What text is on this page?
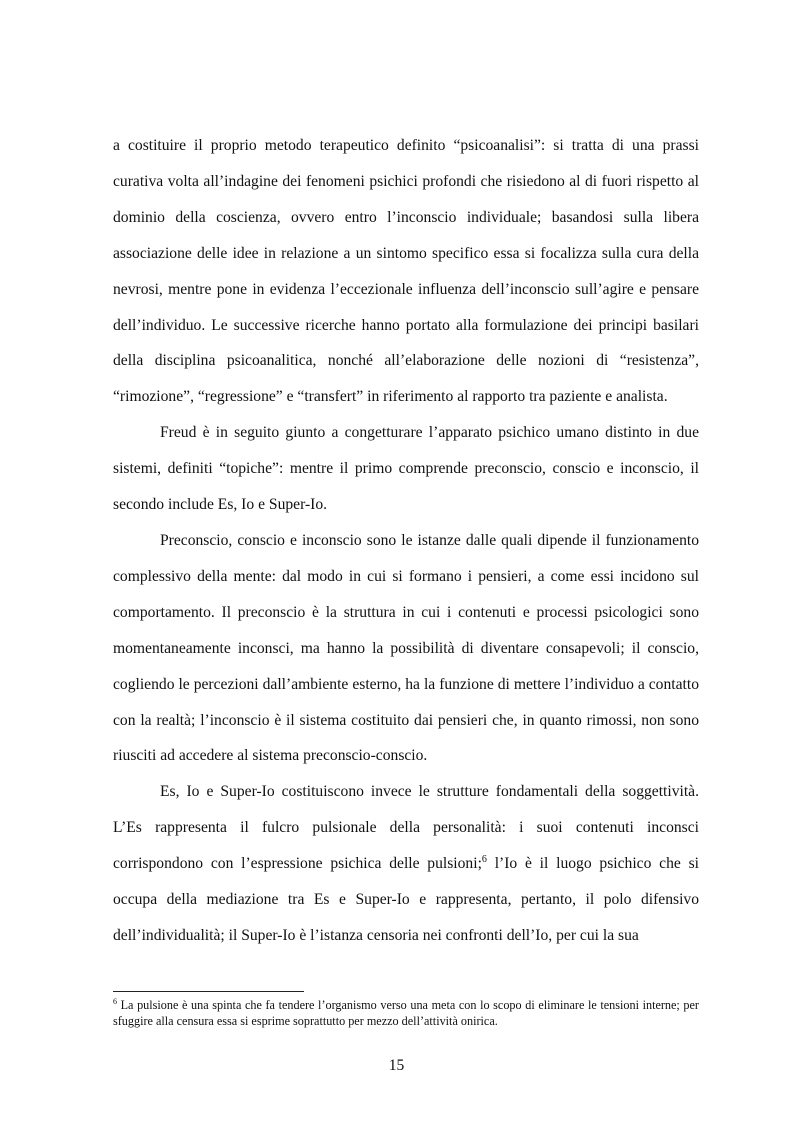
a costituire il proprio metodo terapeutico definito “psicoanalisi”: si tratta di una prassi curativa volta all’indagine dei fenomeni psichici profondi che risiedono al di fuori rispetto al dominio della coscienza, ovvero entro l’inconscio individuale; basandosi sulla libera associazione delle idee in relazione a un sintomo specifico essa si focalizza sulla cura della nevrosi, mentre pone in evidenza l’eccezionale influenza dell’inconscio sull’agire e pensare dell’individuo. Le successive ricerche hanno portato alla formulazione dei principi basilari della disciplina psicoanalitica, nonché all’elaborazione delle nozioni di “resistenza”, “rimozione”, “regressione” e “transfert” in riferimento al rapporto tra paziente e analista.

Freud è in seguito giunto a congetturare l’apparato psichico umano distinto in due sistemi, definiti “topiche”: mentre il primo comprende preconscio, conscio e inconscio, il secondo include Es, Io e Super-Io.

Preconscio, conscio e inconscio sono le istanze dalle quali dipende il funzionamento complessivo della mente: dal modo in cui si formano i pensieri, a come essi incidono sul comportamento. Il preconscio è la struttura in cui i contenuti e processi psicologici sono momentaneamente inconsci, ma hanno la possibilità di diventare consapevoli; il conscio, cogliendo le percezioni dall’ambiente esterno, ha la funzione di mettere l’individuo a contatto con la realtà; l’inconscio è il sistema costituito dai pensieri che, in quanto rimossi, non sono riusciti ad accedere al sistema preconscio-conscio.

Es, Io e Super-Io costituiscono invece le strutture fondamentali della soggettività. L’Es rappresenta il fulcro pulsionale della personalità: i suoi contenuti inconsci corrispondono con l’espressione psichica delle pulsioni;$^6$ l’Io è il luogo psichico che si occupa della mediazione tra Es e Super-Io e rappresenta, pertanto, il polo difensivo dell’individualità; il Super-Io è l’istanza censoria nei confronti dell’Io, per cui la sua

$^6$ La pulsione è una spinta che fa tendere l’organismo verso una meta con lo scopo di eliminare le tensioni interne; per sfuggire alla censura essa si esprime soprattutto per mezzo dell’attività onirica.
15
